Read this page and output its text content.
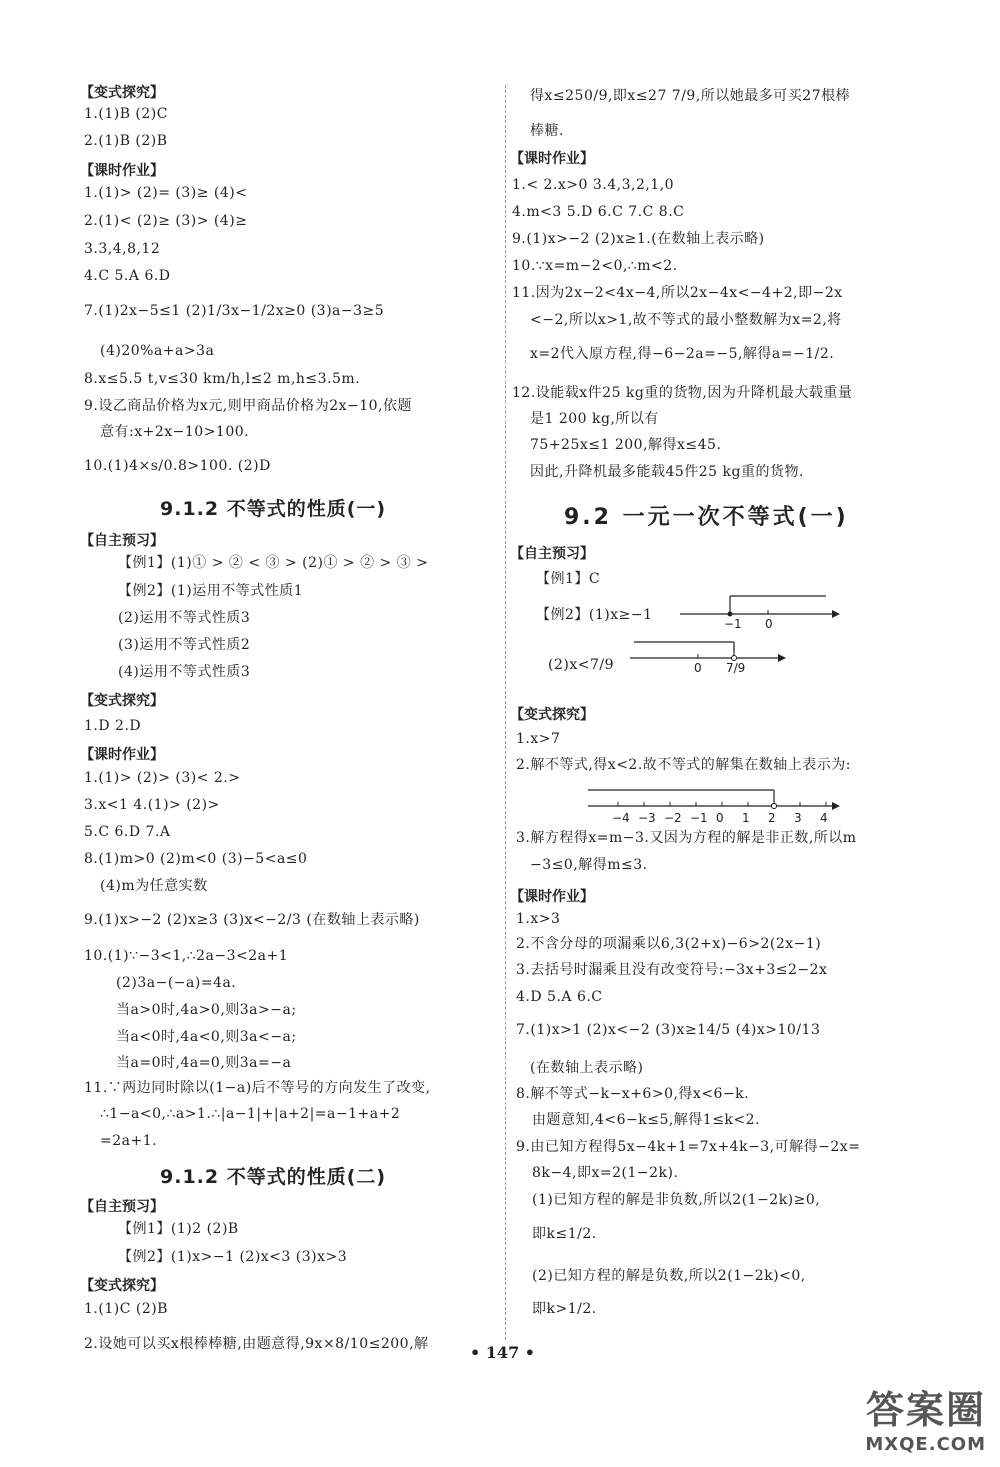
【变式探究】
1.(1)B (2)C
2.(1)B (2)B
【课时作业】
1.(1)> (2)= (3)≥ (4)<
2.(1)< (2)≥ (3)> (4)≥
3.3,4,8,12
4.C 5.A 6.D
7.(1)2x−5≤1 (2)1/3x−1/2x≥0 (3)a−3≥5
(4)20%a+a>3a
8.x≤5.5 t,v≤30 km/h,l≤2 m,h≤3.5m.
9.设乙商品价格为x元,则甲商品价格为2x−10,依题
意有:x+2x−10>100.
10.(1)4×s/0.8>100. (2)D
9.1.2 不等式的性质(一)
【自主预习】
【例1】(1)① > ② < ③ > (2)① > ② > ③ >
【例2】(1)运用不等式性质1
(2)运用不等式性质3
(3)运用不等式性质2
(4)运用不等式性质3
【变式探究】
1.D 2.D
【课时作业】
1.(1)> (2)> (3)< 2.>
3.x<1 4.(1)> (2)>
5.C 6.D 7.A
8.(1)m>0 (2)m<0 (3)−5<a≤0
(4)m为任意实数
9.(1)x>−2 (2)x≥3 (3)x<−2/3 (在数轴上表示略)
10.(1)∵−3<1,∴2a−3<2a+1
(2)3a−(−a)=4a.
当a>0时,4a>0,则3a>−a;
当a<0时,4a<0,则3a<−a;
当a=0时,4a=0,则3a=−a
11.∵两边同时除以(1−a)后不等号的方向发生了改变,
∴1−a<0,∴a>1.∴|a−1|+|a+2|=a−1+a+2
=2a+1.
9.1.2 不等式的性质(二)
【自主预习】
【例1】(1)2 (2)B
【例2】(1)x>−1 (2)x<3 (3)x>3
【变式探究】
1.(1)C (2)B
2.设她可以买x根棒棒糖,由题意得,9x×8/10≤200,解
得x≤250/9,即x≤27 7/9,所以她最多可买27根棒
棒糖.
【课时作业】
1.< 2.x>0 3.4,3,2,1,0
4.m<3 5.D 6.C 7.C 8.C
9.(1)x>−2 (2)x≥1.(在数轴上表示略)
10.∵x=m−2<0,∴m<2.
11.因为2x−2<4x−4,所以2x−4x<−4+2,即−2x
<−2,所以x>1,故不等式的最小整数解为x=2,将
x=2代入原方程,得−6−2a=−5,解得a=−1/2.
12.设能载x件25 kg重的货物,因为升降机最大载重量
是1 200 kg,所以有
75+25x≤1 200,解得x≤45.
因此,升降机最多能载45件25 kg重的货物.
9.2 一元一次不等式(一)
【自主预习】
【例1】C
【例2】(1)x≥−1
−1 0
(2)x<7/9	0 7/9
【变式探究】
1.x>7
2.解不等式,得x<2.故不等式的解集在数轴上表示为:
−4 −3 −2 −1 0 1 2 3 4
3.解方程得x=m−3.又因为方程的解是非正数,所以m
−3≤0,解得m≤3.
【课时作业】
1.x>3
2.不含分母的项漏乘以6,3(2+x)−6>2(2x−1)
3.去括号时漏乘且没有改变符号:−3x+3≤2−2x
4.D 5.A 6.C
7.(1)x>1 (2)x<−2 (3)x≥14/5 (4)x>10/13
(在数轴上表示略)
8.解不等式−k−x+6>0,得x<6−k.
由题意知,4<6−k≤5,解得1≤k<2.
9.由已知方程得5x−4k+1=7x+4k−3,可解得−2x=
8k−4,即x=2(1−2k).
(1)已知方程的解是非负数,所以2(1−2k)≥0,
即k≤1/2.
(2)已知方程的解是负数,所以2(1−2k)<0,
即k>1/2.
• 147 •
答案圈
MXQE.COM
